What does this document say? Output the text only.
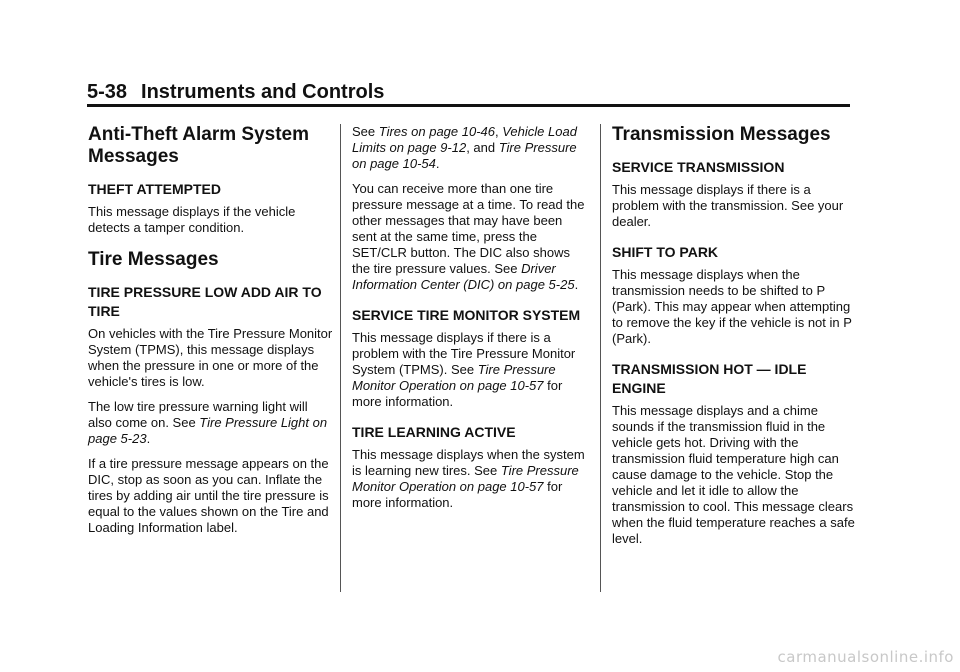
5-38 Instruments and Controls
Anti-Theft Alarm System Messages
THEFT ATTEMPTED

This message displays if the vehicle detects a tamper condition.

Tire Messages
TIRE PRESSURE LOW ADD AIR TO TIRE

On vehicles with the Tire Pressure Monitor System (TPMS), this message displays when the pressure in one or more of the vehicle's tires is low.

The low tire pressure warning light will also come on. See Tire Pressure Light on page 5‑23.

If a tire pressure message appears on the DIC, stop as soon as you can. Inflate the tires by adding air until the tire pressure is equal to the values shown on the Tire and Loading Information label.

See Tires on page 10‑46, Vehicle Load Limits on page 9‑12, and Tire Pressure on page 10‑54.

You can receive more than one tire pressure message at a time. To read the other messages that may have been sent at the same time, press the SET/CLR button. The DIC also shows the tire pressure values. See Driver Information Center (DIC) on page 5‑25.

SERVICE TIRE MONITOR SYSTEM

This message displays if there is a problem with the Tire Pressure Monitor System (TPMS). See Tire Pressure Monitor Operation on page 10‑57 for more information.

TIRE LEARNING ACTIVE

This message displays when the system is learning new tires. See Tire Pressure Monitor Operation on page 10‑57 for more information.

Transmission Messages
SERVICE TRANSMISSION

This message displays if there is a problem with the transmission. See your dealer.

SHIFT TO PARK

This message displays when the transmission needs to be shifted to P (Park). This may appear when attempting to remove the key if the vehicle is not in P (Park).

TRANSMISSION HOT — IDLE ENGINE

This message displays and a chime sounds if the transmission fluid in the vehicle gets hot. Driving with the transmission fluid temperature high can cause damage to the vehicle. Stop the vehicle and let it idle to allow the transmission to cool. This message clears when the fluid temperature reaches a safe level.

carmanualsonline.info
